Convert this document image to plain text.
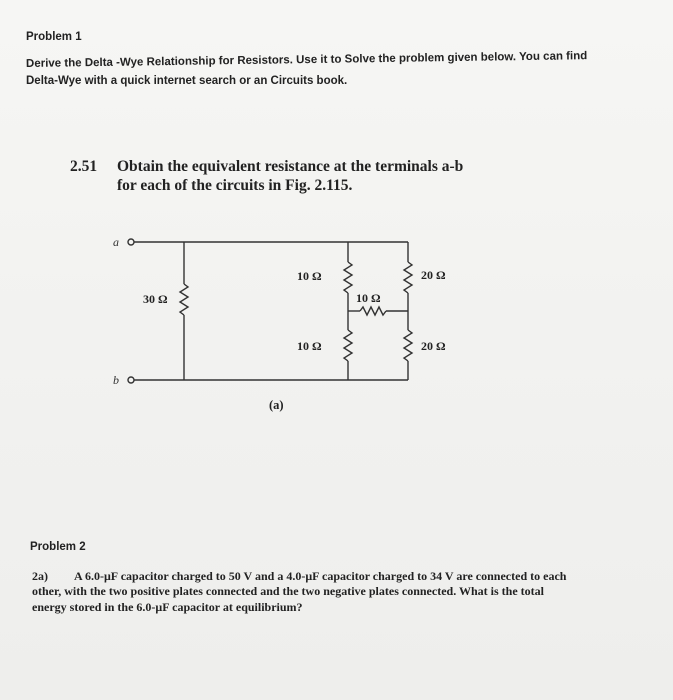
Problem 1
Derive the Delta -Wye Relationship for Resistors. Use it to Solve the problem given below. You can find
Delta-Wye with a quick internet search or an Circuits book.
2.51 Obtain the equivalent resistance at the terminals a-b
for each of the circuits in Fig. 2.115.
a
b
30 Ω
10 Ω
10 Ω
10 Ω
20 Ω
20 Ω
(a)
Problem 2
2a) A 6.0-μF capacitor charged to 50 V and a 4.0-μF capacitor charged to 34 V are connected to each
other, with the two positive plates connected and the two negative plates connected. What is the total
energy stored in the 6.0-μF capacitor at equilibrium?
